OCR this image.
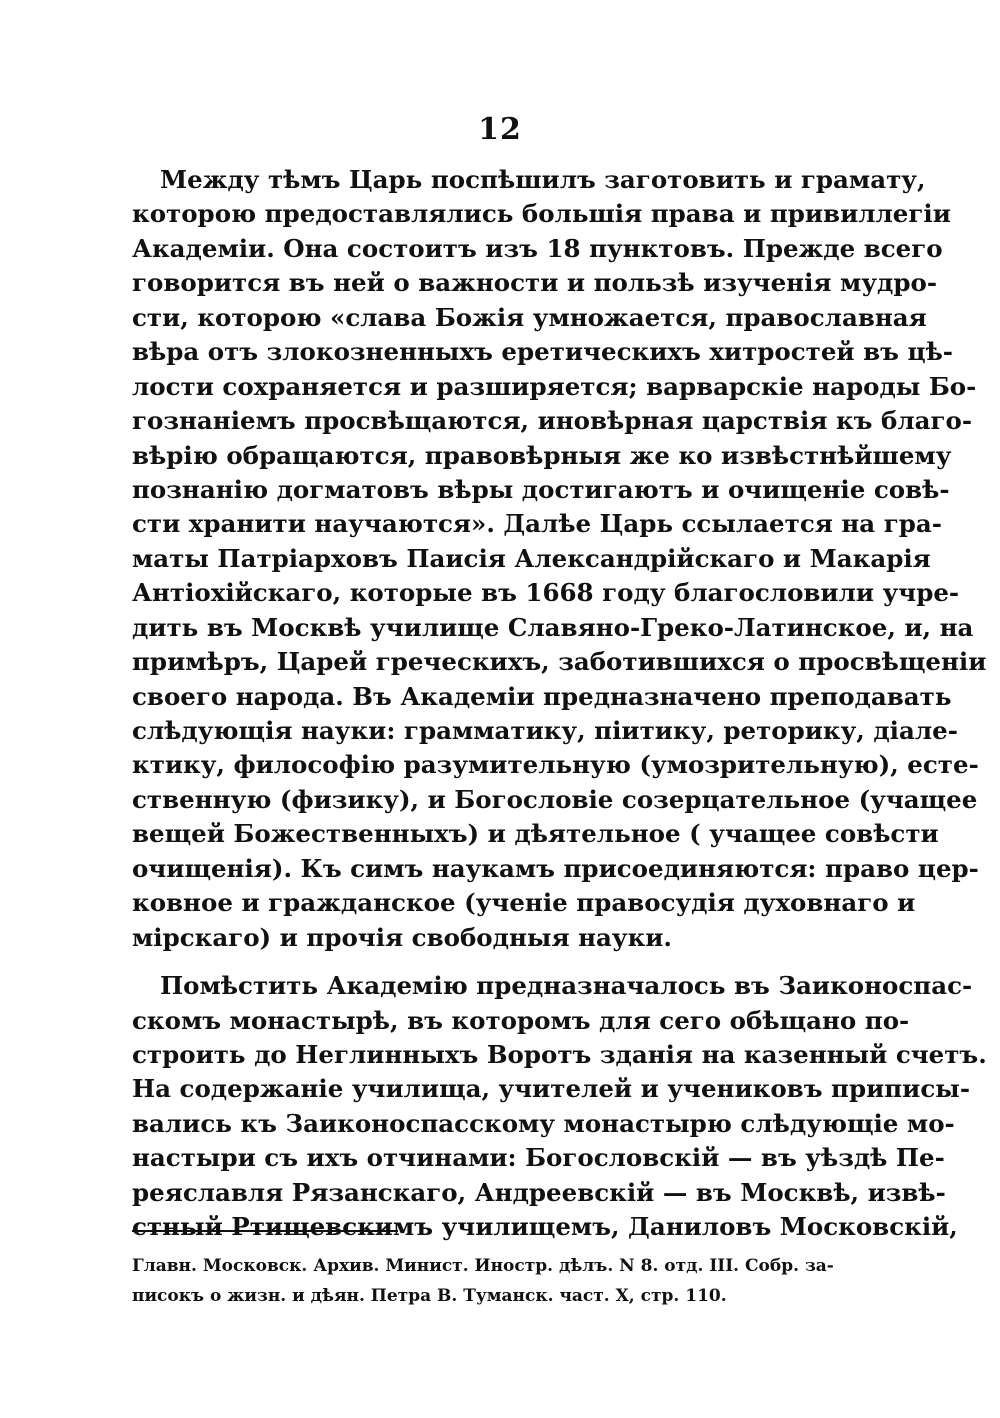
12
Между тѣмъ Царь поспѣшилъ заготовить и грамату,
которою предоставлялись большія права и привиллегіи
Академіи. Она состоитъ изъ 18 пунктовъ. Прежде всего
говорится въ ней о важности и пользѣ изученія мудро-
сти, которою «слава Божія умножается, православная
вѣра отъ злокозненныхъ еретическихъ хитростей въ цѣ-
лости сохраняется и разширяется; варварскіе народы Бо-
гознаніемъ просвѣщаются, иновѣрная царствія къ благо-
вѣрію обращаются, правовѣрныя же ко извѣстнѣйшему
познанію догматовъ вѣры достигаютъ и очищеніе совѣ-
сти хранити научаются». Далѣе Царь ссылается на гра-
маты Патріарховъ Паисія Александрійскаго и Макарія
Антіохійскаго, которые въ 1668 году благословили учре-
дить въ Москвѣ училище Славяно-Греко-Латинское, и, на
примѣръ, Царей греческихъ, заботившихся о просвѣщеніи
своего народа. Въ Академіи предназначено преподавать
слѣдующія науки: грамматику, піитику, реторику, діале-
ктику, философію разумительную (умозрительную), есте-
ственную (физику), и Богословіе созерцательное (учащее
вещей Божественныхъ) и дѣятельное ( учащее совѣсти
очищенія). Къ симъ наукамъ присоединяются: право цер-
ковное и гражданское (ученіе правосудія духовнаго и
мірскаго) и прочія свободныя науки.
Помѣстить Академію предназначалось въ Заиконоспас-
скомъ монастырѣ, въ которомъ для сего обѣщано по-
строить до Неглинныхъ Воротъ зданія на казенный счетъ.
На содержаніе училища, учителей и учениковъ приписы-
вались къ Заиконоспасскому монастырю слѣдующіе мо-
настыри съ ихъ отчинами: Богословскій — въ уѣздѣ Пе-
реяславля Рязанскаго, Андреевскій — въ Москвѣ, извѣ-
стный Ртищевскимъ училищемъ, Даниловъ Московскій,
Главн. Московск. Архив. Минист. Иностр. дѣлъ. N 8. отд. III. Собр. за-
писокъ о жизн. и дѣян. Петра В. Туманск. част. X, стр. 110.
